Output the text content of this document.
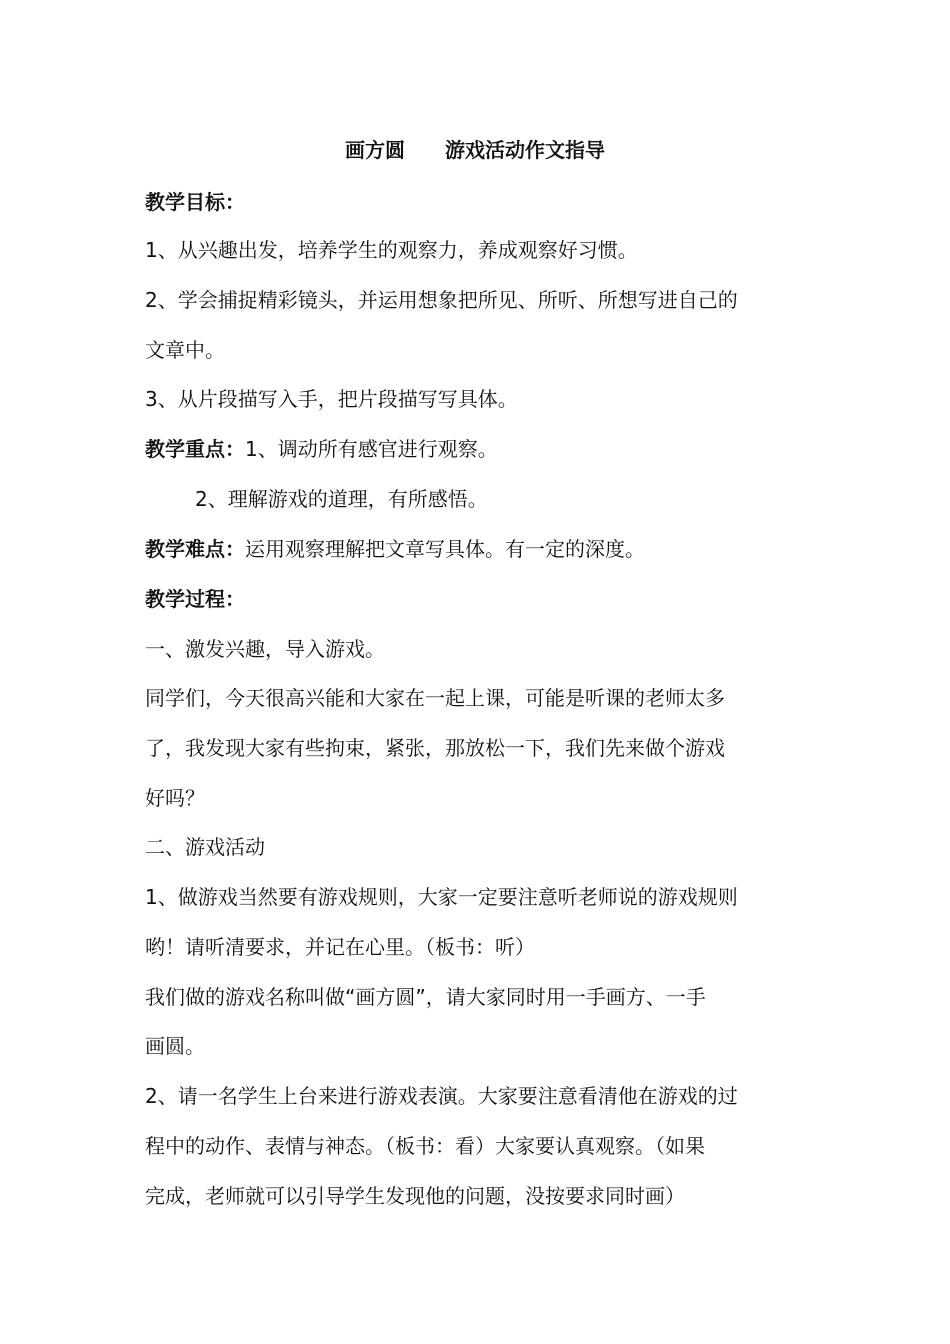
画方圆　　游戏活动作文指导
教学目标：
1、从兴趣出发，培养学生的观察力，养成观察好习惯。
2、学会捕捉精彩镜头，并运用想象把所见、所听、所想写进自己的
文章中。
3、从片段描写入手，把片段描写写具体。
教学重点：1、调动所有感官进行观察。
2、理解游戏的道理，有所感悟。
教学难点：运用观察理解把文章写具体。有一定的深度。
教学过程：
一、激发兴趣，导入游戏。
同学们，今天很高兴能和大家在一起上课，可能是听课的老师太多
了，我发现大家有些拘束，紧张，那放松一下，我们先来做个游戏
好吗？
二、游戏活动
1、做游戏当然要有游戏规则，大家一定要注意听老师说的游戏规则
哟！请听清要求，并记在心里。（板书：听）
我们做的游戏名称叫做“画方圆”，请大家同时用一手画方、一手
画圆。
2、请一名学生上台来进行游戏表演。大家要注意看清他在游戏的过
程中的动作、表情与神态。（板书：看）大家要认真观察。（如果
完成，老师就可以引导学生发现他的问题，没按要求同时画）
